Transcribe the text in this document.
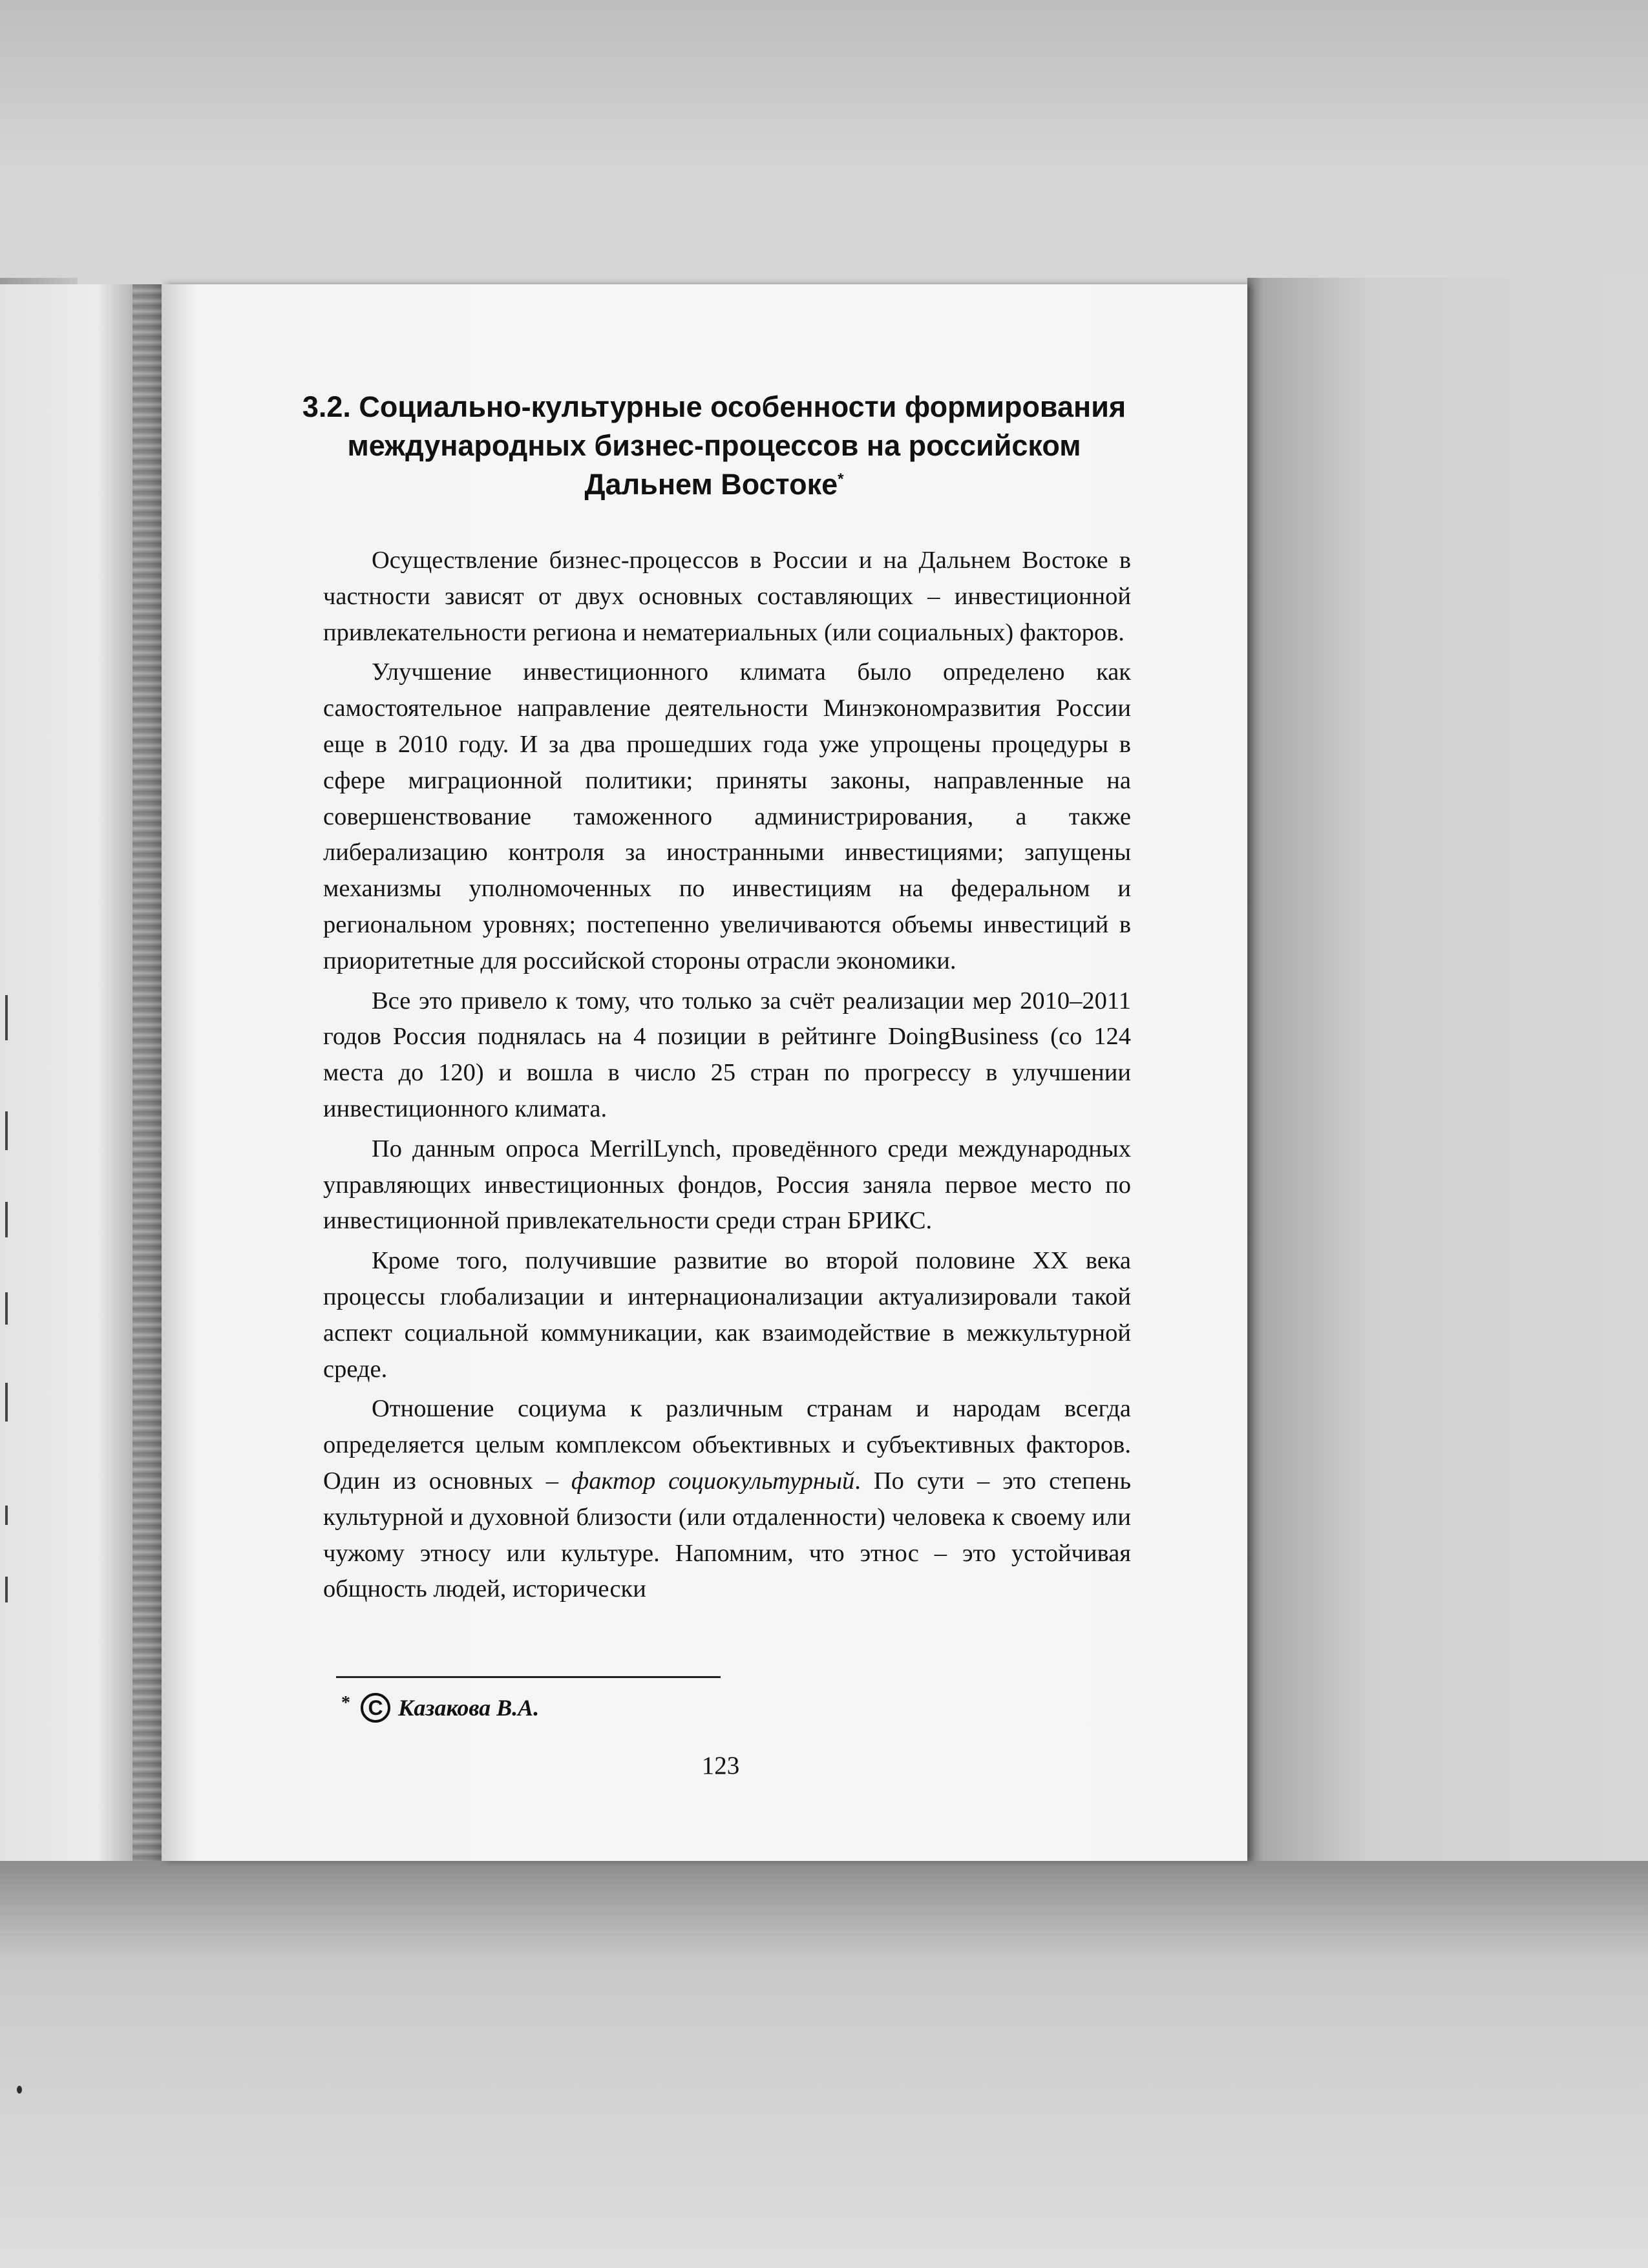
3.2. Социально-культурные особенности формирования международных бизнес-процессов на российском Дальнем Востоке*

Осуществление бизнес-процессов в России и на Дальнем Востоке в частности зависят от двух основных составляющих – инвестиционной привлекательности региона и нематериальных (или социальных) факторов.

Улучшение инвестиционного климата было определено как самостоятельное направление деятельности Минэкономразвития России еще в 2010 году. И за два прошедших года уже упрощены процедуры в сфере миграционной политики; приняты законы, направленные на совершенствование таможенного администрирования, а также либерализацию контроля за иностранными инвестициями; запущены механизмы уполномоченных по инвестициям на федеральном и региональном уровнях; постепенно увеличиваются объемы инвестиций в приоритетные для российской стороны отрасли экономики.

Все это привело к тому, что только за счёт реализации мер 2010–2011 годов Россия поднялась на 4 позиции в рейтинге DoingBusiness (со 124 места до 120) и вошла в число 25 стран по прогрессу в улучшении инвестиционного климата.

По данным опроса MerrilLynch, проведённого среди международных управляющих инвестиционных фондов, Россия заняла первое место по инвестиционной привлекательности среди стран БРИКС.

Кроме того, получившие развитие во второй половине XX века процессы глобализации и интернационализации актуализировали такой аспект социальной коммуникации, как взаимодействие в межкультурной среде.

Отношение социума к различным странам и народам всегда определяется целым комплексом объективных и субъективных факторов. Один из основных – фактор социокультурный. По сути – это степень культурной и духовной близости (или отдаленности) человека к своему или чужому этносу или культуре. Напомним, что этнос – это устойчивая общность людей, исторически

* C Казакова В.А.
123
